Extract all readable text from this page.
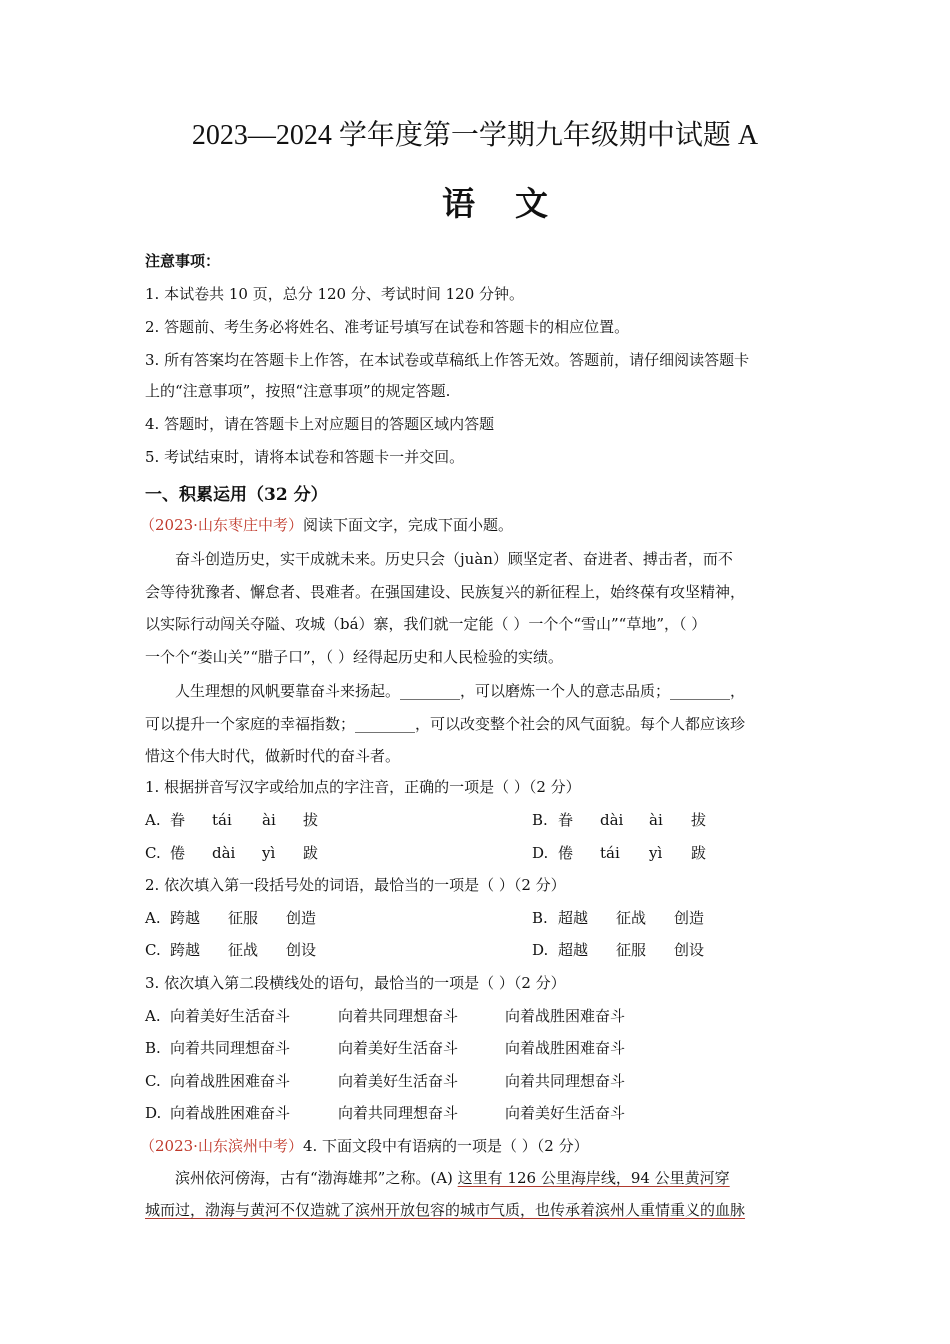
2023—2024 学年度第一学期九年级期中试题 A
语文
注意事项：
1. 本试卷共 10 页，总分 120 分、考试时间 120 分钟。
2. 答题前、考生务必将姓名、准考证号填写在试卷和答题卡的相应位置。
3. 所有答案均在答题卡上作答，在本试卷或草稿纸上作答无效。答题前，请仔细阅读答题卡
上的“注意事项”，按照“注意事项”的规定答题.
4. 答题时，请在答题卡上对应题目的答题区域内答题
5. 考试结束时，请将本试卷和答题卡一并交回。
一、积累运用（32 分）
（2023·山东枣庄中考）阅读下面文字，完成下面小题。
奋斗创造历史，实干成就未来。历史只会（juàn）顾坚定者、奋进者、搏击者，而不
会等待犹豫者、懈怠者、畏难者。在强国建设、民族复兴的新征程上，始终葆有攻坚精神，
以实际行动闯关夺隘、攻城（bá）寨，我们就一定能（ ）一个个“雪山”“草地”，（ ）
一个个“娄山关”“腊子口”，（ ）经得起历史和人民检验的实绩。
人生理想的风帆要靠奋斗来扬起。________，可以磨炼一个人的意志品质；________，
可以提升一个家庭的幸福指数；________，可以改变整个社会的风气面貌。每个人都应该珍
惜这个伟大时代，做新时代的奋斗者。
1. 根据拼音写汉字或给加点的字注音，正确的一项是（ ）（2 分）
A. 眷 tái ài 拔	B. 眷 dài ài 拔
C. 倦 dài yì 跋	D. 倦 tái yì 跋
2. 依次填入第一段括号处的词语，最恰当的一项是（ ）（2 分）
A. 跨越 征服 创造	B. 超越 征战 创造
C. 跨越 征战 创设	D. 超越 征服 创设
3. 依次填入第二段横线处的语句，最恰当的一项是（ ）（2 分）
A. 向着美好生活奋斗	向着共同理想奋斗	向着战胜困难奋斗
B. 向着共同理想奋斗	向着美好生活奋斗	向着战胜困难奋斗
C. 向着战胜困难奋斗	向着美好生活奋斗	向着共同理想奋斗
D. 向着战胜困难奋斗	向着共同理想奋斗	向着美好生活奋斗
（2023·山东滨州中考）4. 下面文段中有语病的一项是（ ）（2 分）
滨州依河傍海，古有“渤海雄邦”之称。(A) 这里有 126 公里海岸线，94 公里黄河穿
城而过，渤海与黄河不仅造就了滨州开放包容的城市气质，也传承着滨州人重情重义的血脉
